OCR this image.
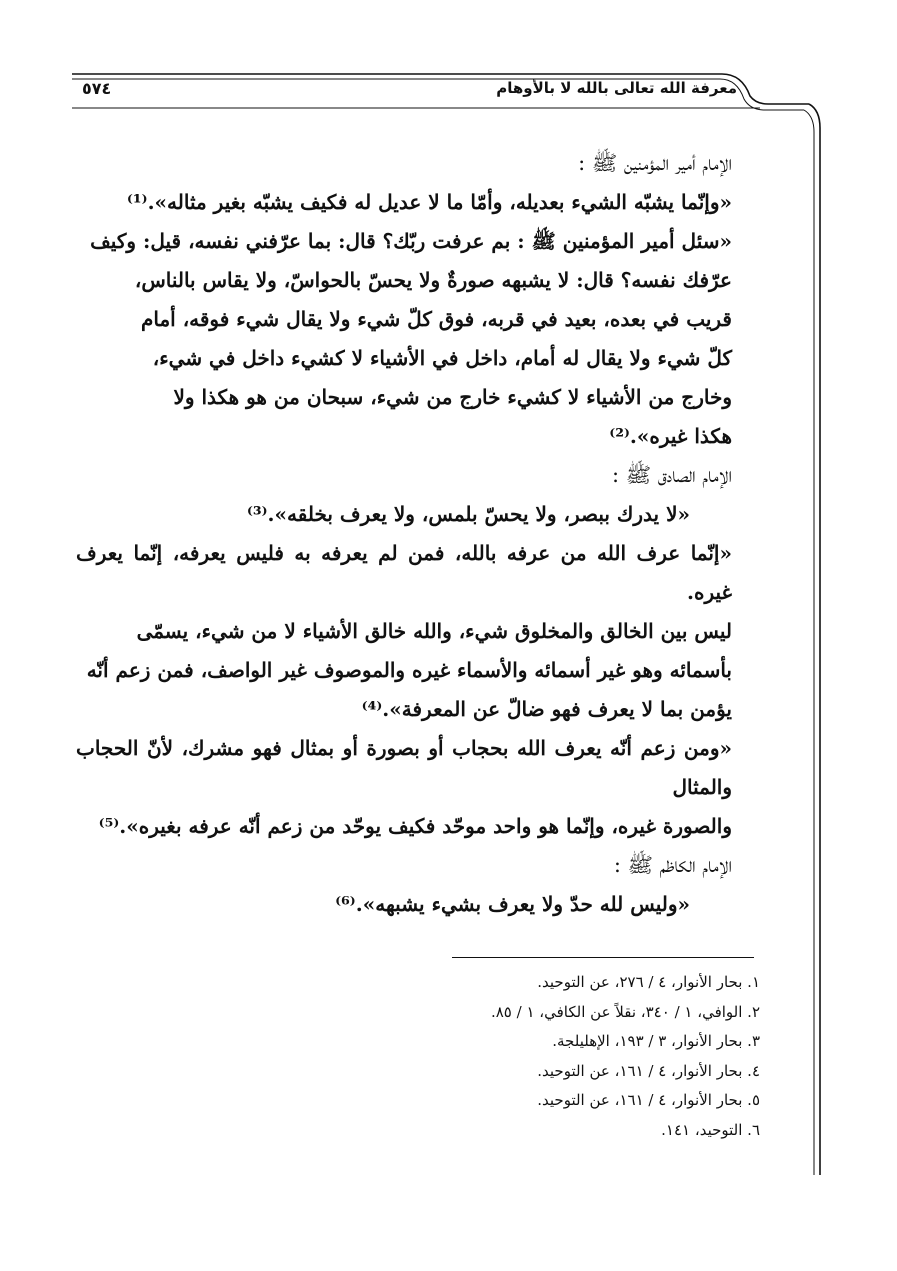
معرفة الله تعالى بالله لا بالأوهام
٥٧٤

الإمام أمير المؤمنين ﷺ :

«وإنّما يشبّه الشيء بعديله، وأمّا ما لا عديل له فكيف يشبّه بغير مثاله».⁽¹⁾

«سئل أمير المؤمنين ﷺ : بم عرفت ربّك؟ قال: بما عرّفني نفسه، قيل: وكيف

عرّفك نفسه؟ قال: لا يشبهه صورةٌ ولا يحسّ بالحواسّ، ولا يقاس بالناس،

قريب في بعده، بعيد في قربه، فوق كلّ شيء ولا يقال شيء فوقه، أمام

كلّ شيء ولا يقال له أمام، داخل في الأشياء لا كشيء داخل في شيء،

وخارج من الأشياء لا كشيء خارج من شيء، سبحان من هو هكذا ولا

هكذا غيره».⁽²⁾

الإمام الصادق ﷺ :

«لا يدرك ببصر، ولا يحسّ بلمس، ولا يعرف بخلقه».⁽³⁾

«إنّما عرف الله من عرفه بالله، فمن لم يعرفه به فليس يعرفه، إنّما يعرف غيره.

ليس بين الخالق والمخلوق شيء، والله خالق الأشياء لا من شيء، يسمّى

بأسمائه وهو غير أسمائه والأسماء غيره والموصوف غير الواصف، فمن زعم أنّه

يؤمن بما لا يعرف فهو ضالّ عن المعرفة».⁽⁴⁾

«ومن زعم أنّه يعرف الله بحجاب أو بصورة أو بمثال فهو مشرك، لأنّ الحجاب والمثال

والصورة غيره، وإنّما هو واحد موحّد فكيف يوحّد من زعم أنّه عرفه بغيره».⁽⁵⁾

الإمام الكاظم ﷺ :

«وليس لله حدّ ولا يعرف بشيء يشبهه».⁽⁶⁾

١. بحار الأنوار، ٤ / ٢٧٦، عن التوحيد.
٢. الوافي، ١ / ٣٤٠، نقلاً عن الكافي، ١ / ٨٥.
٣. بحار الأنوار، ٣ / ١٩٣، الإهليلجة.
٤. بحار الأنوار، ٤ / ١٦١، عن التوحيد.
٥. بحار الأنوار، ٤ / ١٦١، عن التوحيد.
٦. التوحيد، ١٤١.
